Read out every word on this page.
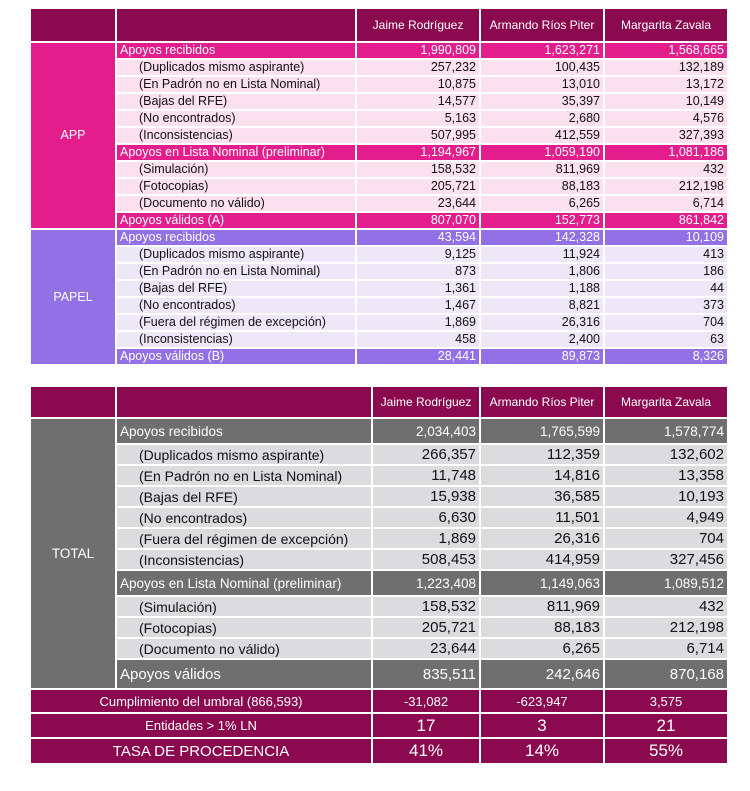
		Jaime Rodríguez	Armando Ríos Piter	Margarita Zavala
APP	Apoyos recibidos	1,990,809	1,623,271	1,568,665
	(Duplicados mismo aspirante)	257,232	100,435	132,189
	(En Padrón no en Lista Nominal)	10,875	13,010	13,172
	(Bajas del RFE)	14,577	35,397	10,149
	(No encontrados)	5,163	2,680	4,576
	(Inconsistencias)	507,995	412,559	327,393
	Apoyos en Lista Nominal (preliminar)	1,194,967	1,059,190	1,081,186
	(Simulación)	158,532	811,969	432
	(Fotocopias)	205,721	88,183	212,198
	(Documento no válido)	23,644	6,265	6,714
	Apoyos válidos (A)	807,070	152,773	861,842
PAPEL	Apoyos recibidos	43,594	142,328	10,109
	(Duplicados mismo aspirante)	9,125	11,924	413
	(En Padrón no en Lista Nominal)	873	1,806	186
	(Bajas del RFE)	1,361	1,188	44
	(No encontrados)	1,467	8,821	373
	(Fuera del régimen de excepción)	1,869	26,316	704
	(Inconsistencias)	458	2,400	63
	Apoyos válidos (B)	28,441	89,873	8,326
		Jaime Rodríguez	Armando Ríos Piter	Margarita Zavala
TOTAL	Apoyos recibidos	2,034,403	1,765,599	1,578,774
	(Duplicados mismo aspirante)	266,357	112,359	132,602
	(En Padrón no en Lista Nominal)	11,748	14,816	13,358
	(Bajas del RFE)	15,938	36,585	10,193
	(No encontrados)	6,630	11,501	4,949
	(Fuera del régimen de excepción)	1,869	26,316	704
	(Inconsistencias)	508,453	414,959	327,456
	Apoyos en Lista Nominal (preliminar)	1,223,408	1,149,063	1,089,512
	(Simulación)	158,532	811,969	432
	(Fotocopias)	205,721	88,183	212,198
	(Documento no válido)	23,644	6,265	6,714
	Apoyos válidos	835,511	242,646	870,168
Cumplimiento del umbral (866,593)		-31,082	-623,947	3,575
Entidades > 1% LN		17	3	21
TASA DE PROCEDENCIA		41%	14%	55%
